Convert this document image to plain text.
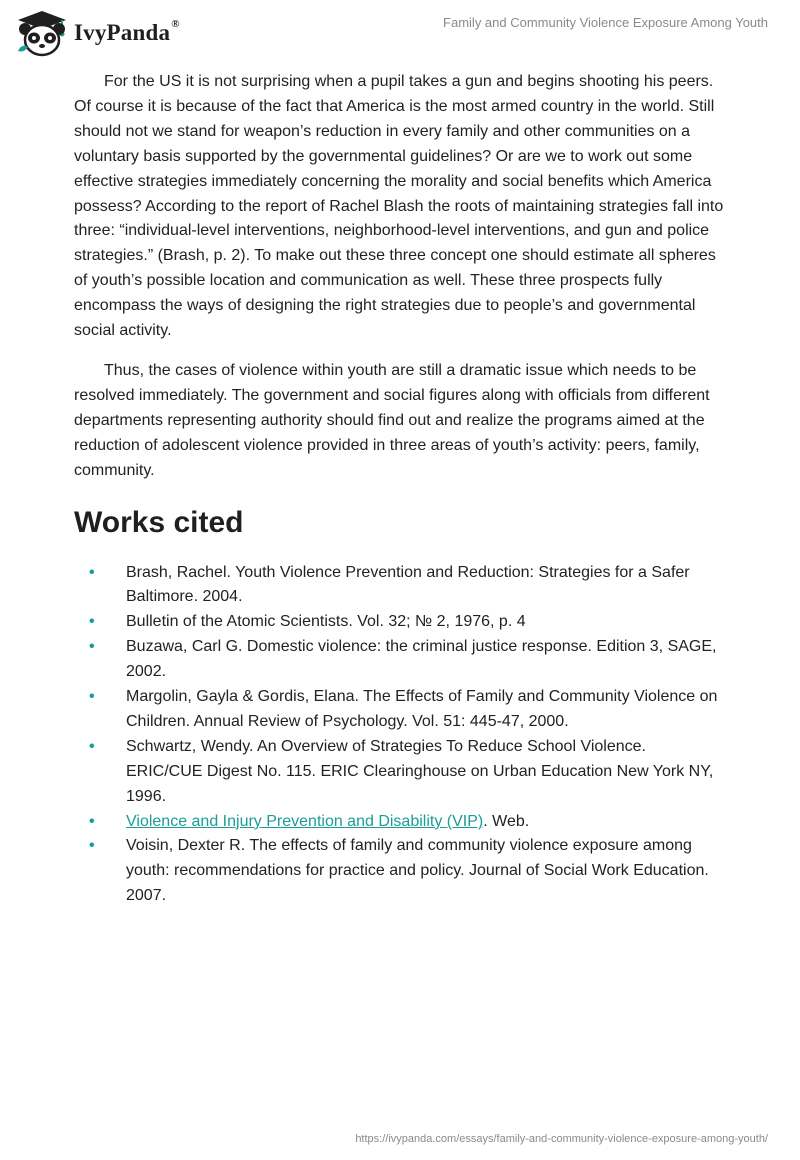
IvyPanda®	Family and Community Violence Exposure Among Youth

For the US it is not surprising when a pupil takes a gun and begins shooting his peers. Of course it is because of the fact that America is the most armed country in the world. Still should not we stand for weapon’s reduction in every family and other communities on a voluntary basis supported by the governmental guidelines? Or are we to work out some effective strategies immediately concerning the morality and social benefits which America possess? According to the report of Rachel Blash the roots of maintaining strategies fall into three: “individual-level interventions, neighborhood-level interventions, and gun and police strategies.” (Brash, p. 2). To make out these three concept one should estimate all spheres of youth’s possible location and communication as well. These three prospects fully encompass the ways of designing the right strategies due to people’s and governmental social activity.

Thus, the cases of violence within youth are still a dramatic issue which needs to be resolved immediately. The government and social figures along with officials from different departments representing authority should find out and realize the programs aimed at the reduction of adolescent violence provided in three areas of youth’s activity: peers, family, community.

Works cited
• Brash, Rachel. Youth Violence Prevention and Reduction: Strategies for a Safer Baltimore. 2004.
• Bulletin of the Atomic Scientists. Vol. 32; № 2, 1976, p. 4
• Buzawa, Carl G. Domestic violence: the criminal justice response. Edition 3, SAGE, 2002.
• Margolin, Gayla & Gordis, Elana. The Effects of Family and Community Violence on Children. Annual Review of Psychology. Vol. 51: 445-47, 2000.
• Schwartz, Wendy. An Overview of Strategies To Reduce School Violence. ERIC/CUE Digest No. 115. ERIC Clearinghouse on Urban Education New York NY, 1996.
• Violence and Injury Prevention and Disability (VIP). Web.
• Voisin, Dexter R. The effects of family and community violence exposure among youth: recommendations for practice and policy. Journal of Social Work Education. 2007.
https://ivypanda.com/essays/family-and-community-violence-exposure-among-youth/
